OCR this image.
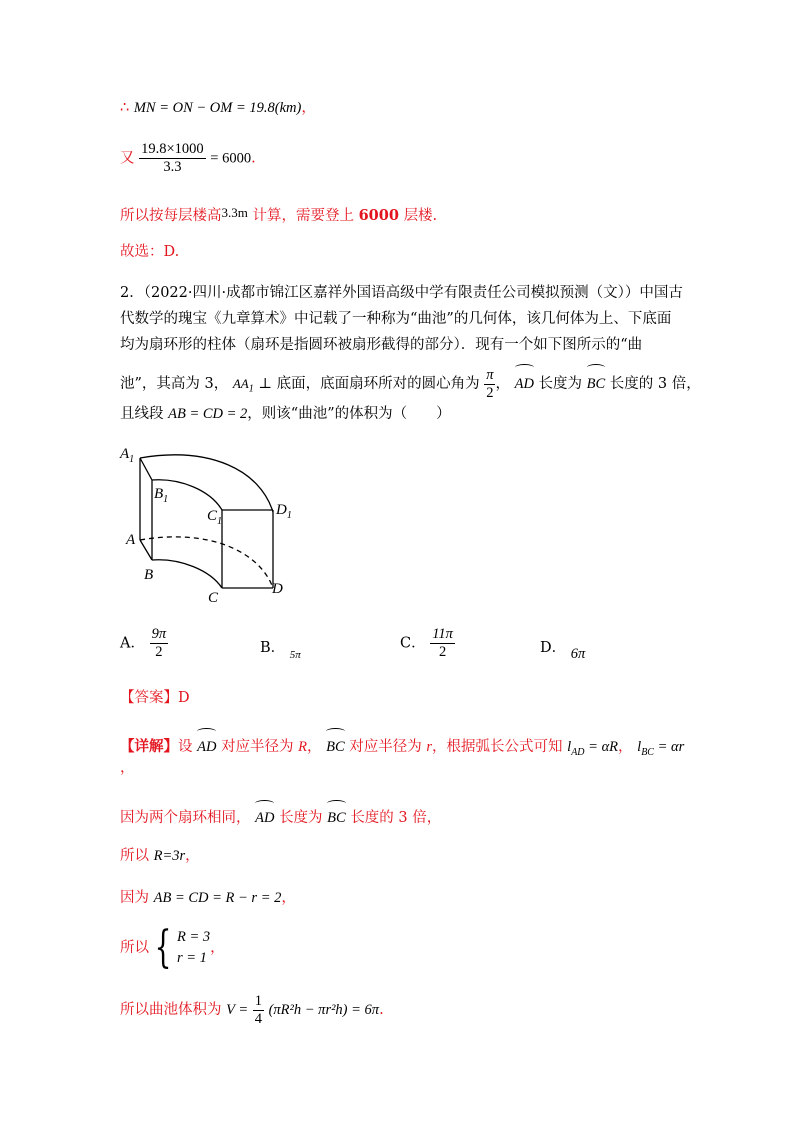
∴ MN = ON − OM = 19.8(km)，
又 $\frac{19.8\times 1000}{3.3} = 6000$.
所以按每层楼高3.3m 计算，需要登上 6000 层楼.
故选：D.
2．（2022·四川·成都市锦江区嘉祥外国语高级中学有限责任公司模拟预测（文））中国古
代数学的瑰宝《九章算术》中记载了一种称为“曲池”的几何体，该几何体为上、下底面
均为扇环形的柱体（扇环是指圆环被扇形截得的部分）．现有一个如下图所示的“曲
池”，其高为 3， $AA_1$ ⊥ 底面，底面扇环所对的圆心角为 $\frac{\pi}{2}$ ， AD 长度为 BC 长度的 3 倍，
且线段 AB = CD = 2，则该“曲池”的体积为（　　）
$A_1$
$B_1$
$C_1$
$D_1$
A
B
C
D
A． $\frac{9\pi}{2}$	B． $_{5\pi}$
C． $\frac{11\pi}{2}$	D． 6π
【答案】D
【详解】设 AD 对应半径为 R， BC 对应半径为 r，根据弧长公式可知 $l_{AD} = \alpha R$， $l_{BC} = \alpha r$
，
因为两个扇环相同， AD 长度为 BC 长度的 3 倍，
所以 R=3r，
因为 AB = CD = R − r = 2，
所以 { R = 3
r = 1
，
所以曲池体积为 $V = \frac{1}{4} (\pi R^2h - \pi r^2h) = 6\pi$.
